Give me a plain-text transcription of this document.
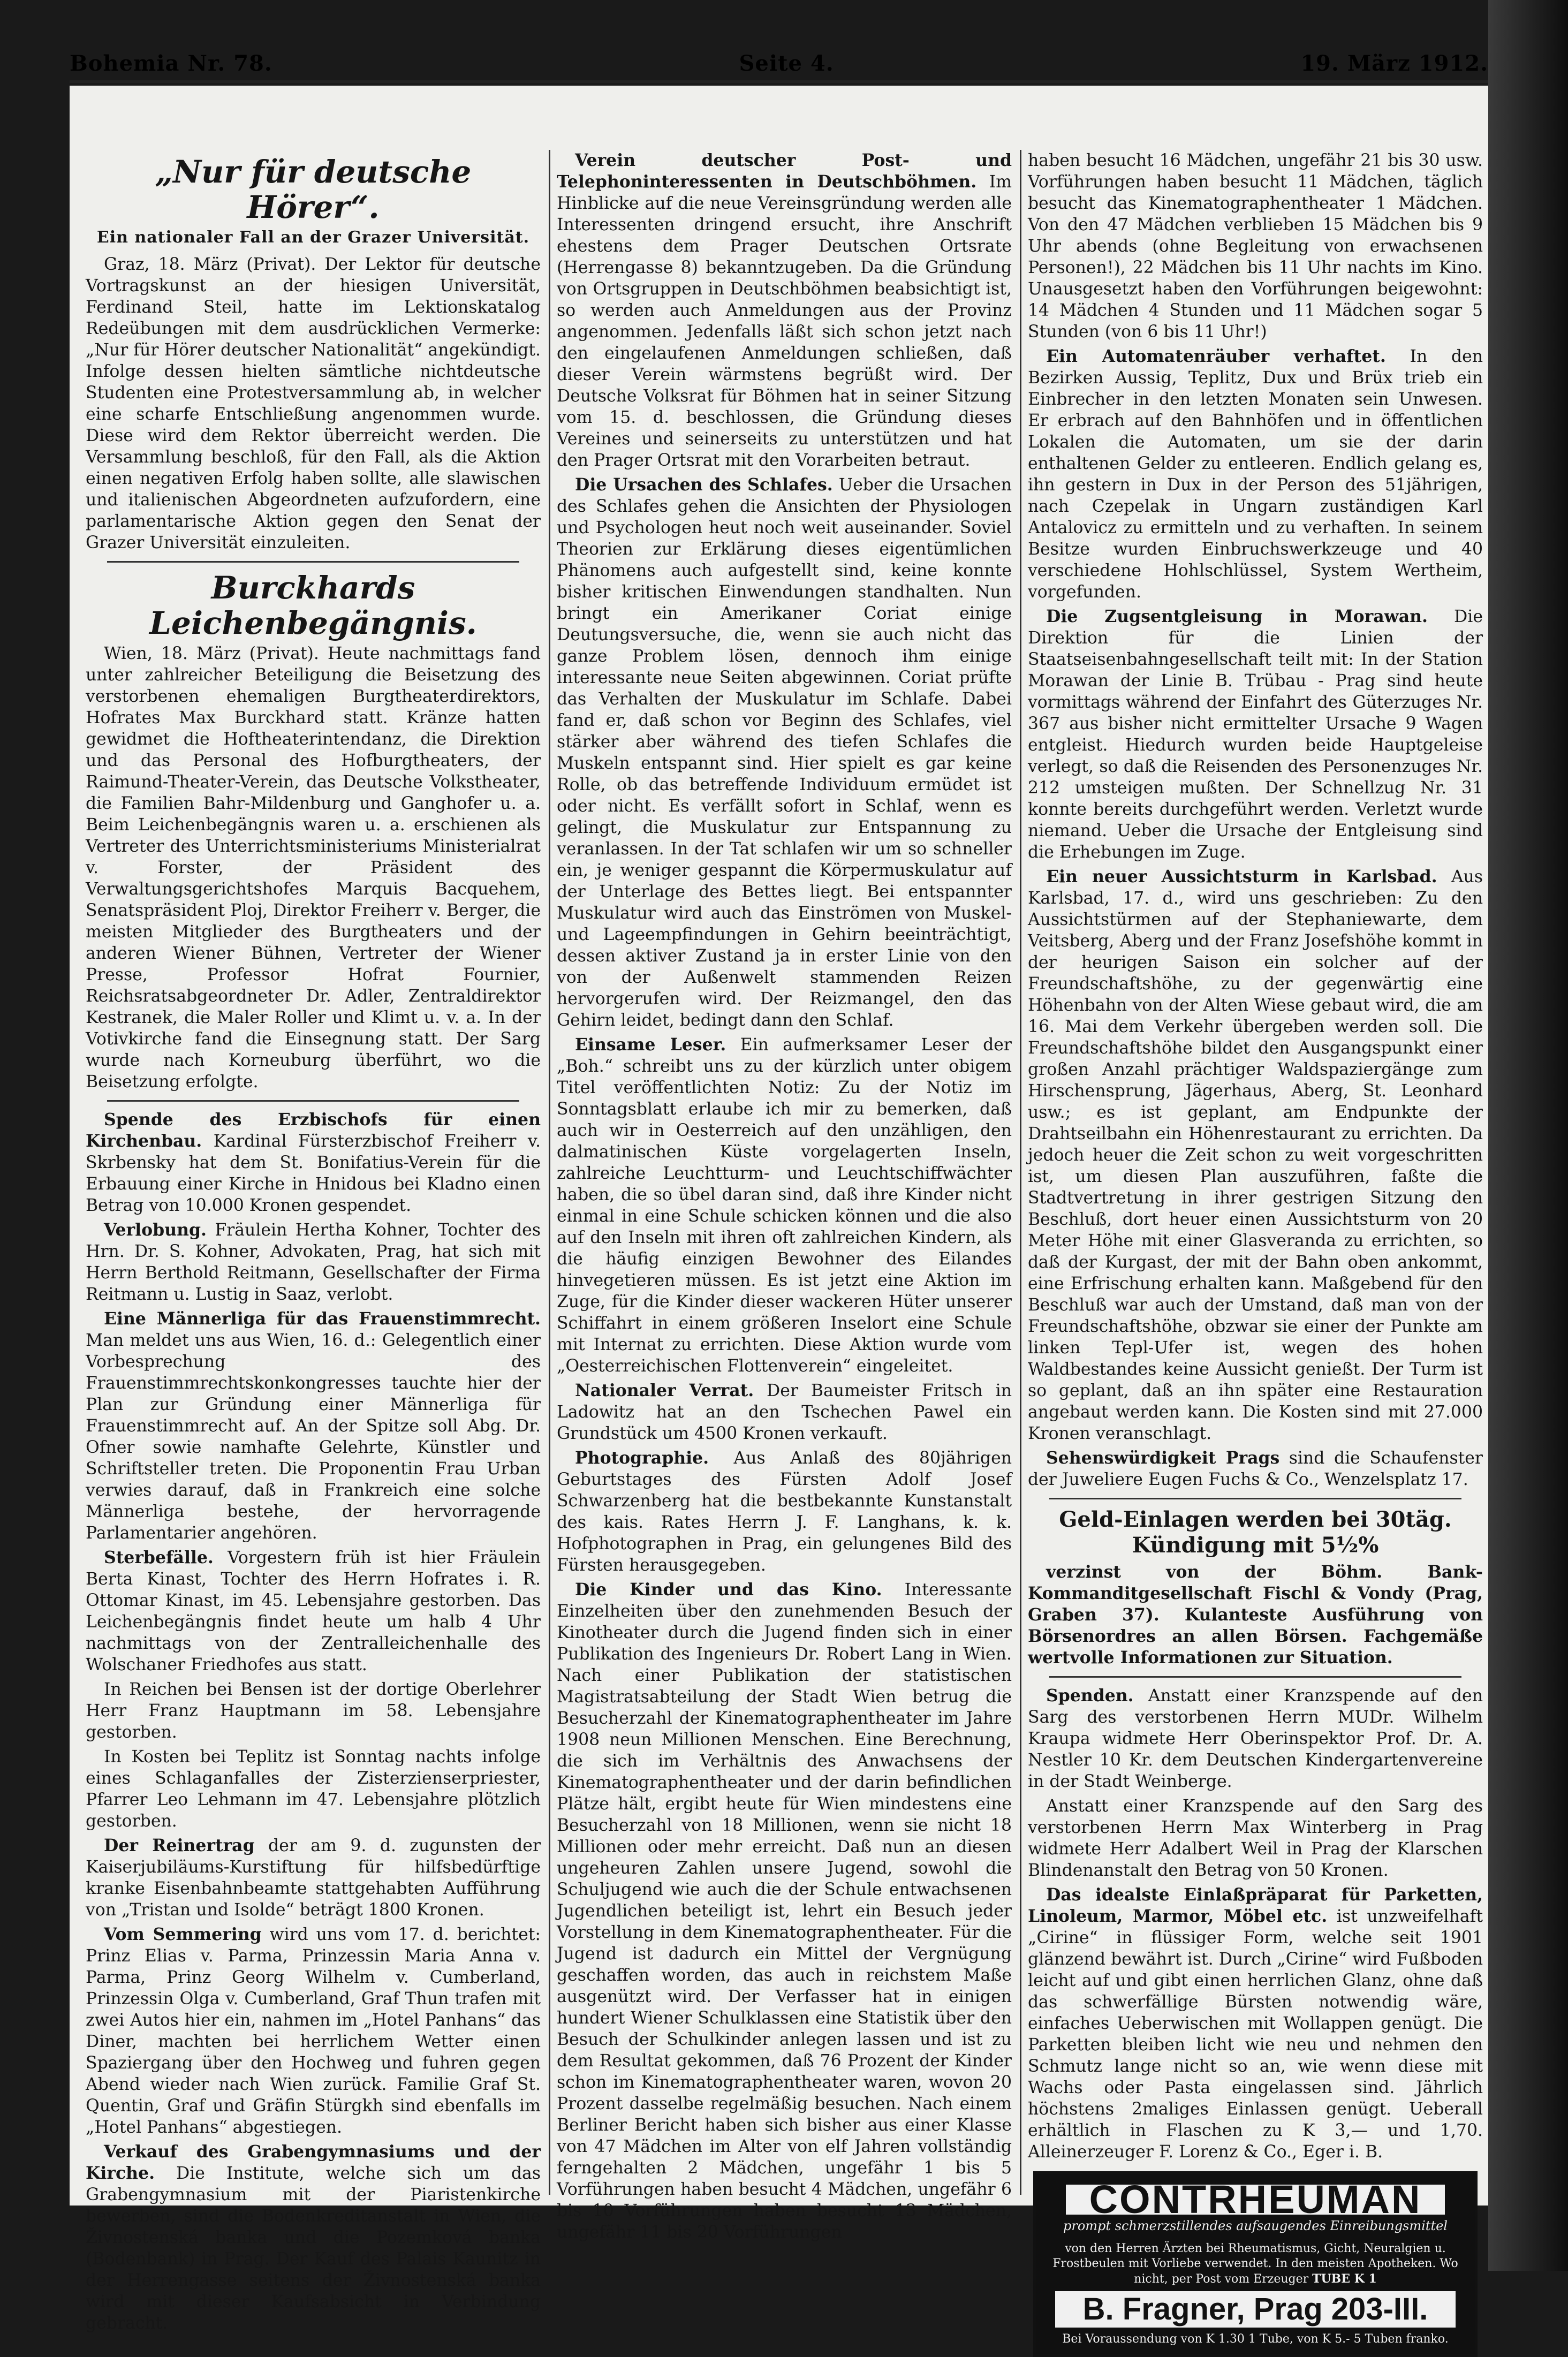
Bohemia Nr. 78.	Seite 4.	19. März 1912.
„Nur für deutsche Hörer“.
Ein nationaler Fall an der Grazer Universität.

Graz, 18. März (Privat). Der Lektor für deutsche Vortragskunst an der hiesigen Universität, Ferdinand Steil, hatte im Lektionskatalog Redeübungen mit dem ausdrücklichen Vermerke: „Nur für Hörer deutscher Nationalität“ angekündigt. Infolge dessen hielten sämtliche nichtdeutsche Studenten eine Protestversammlung ab, in welcher eine scharfe Entschließung angenommen wurde. Diese wird dem Rektor überreicht werden. Die Versammlung beschloß, für den Fall, als die Aktion einen negativen Erfolg haben sollte, alle slawischen und italienischen Abgeordneten aufzufordern, eine parlamentarische Aktion gegen den Senat der Grazer Universität einzuleiten.

Burckhards Leichenbegängnis.

Wien, 18. März (Privat). Heute nachmittags fand unter zahlreicher Beteiligung die Beisetzung des verstorbenen ehemaligen Burgtheaterdirektors, Hofrates Max Burckhard statt. Kränze hatten gewidmet die Hoftheaterintendanz, die Direktion und das Personal des Hofburgtheaters, der Raimund-Theater-Verein, das Deutsche Volkstheater, die Familien Bahr-Mildenburg und Ganghofer u. a. Beim Leichenbegängnis waren u. a. erschienen als Vertreter des Unterrichtsministeriums Ministerialrat v. Forster, der Präsident des Verwaltungsgerichtshofes Marquis Bacquehem, Senatspräsident Ploj, Direktor Freiherr v. Berger, die meisten Mitglieder des Burgtheaters und der anderen Wiener Bühnen, Vertreter der Wiener Presse, Professor Hofrat Fournier, Reichsratsabgeordneter Dr. Adler, Zentraldirektor Kestranek, die Maler Roller und Klimt u. v. a. In der Votivkirche fand die Einsegnung statt. Der Sarg wurde nach Korneuburg überführt, wo die Beisetzung erfolgte.

Spende des Erzbischofs für einen Kirchenbau. Kardinal Fürsterzbischof Freiherr v. Skrbensky hat dem St. Bonifatius-Verein für die Erbauung einer Kirche in Hnidous bei Kladno einen Betrag von 10.000 Kronen gespendet.

Verlobung. Fräulein Hertha Kohner, Tochter des Hrn. Dr. S. Kohner, Advokaten, Prag, hat sich mit Herrn Berthold Reitmann, Gesellschafter der Firma Reitmann u. Lustig in Saaz, verlobt.

Eine Männerliga für das Frauenstimmrecht. Man meldet uns aus Wien, 16. d.: Gelegentlich einer Vorbesprechung des Frauenstimmrechtskonkongresses tauchte hier der Plan zur Gründung einer Männerliga für Frauenstimmrecht auf. An der Spitze soll Abg. Dr. Ofner sowie namhafte Gelehrte, Künstler und Schriftsteller treten. Die Proponentin Frau Urban verwies darauf, daß in Frankreich eine solche Männerliga bestehe, der hervorragende Parlamentarier angehören.

Sterbefälle. Vorgestern früh ist hier Fräulein Berta Kinast, Tochter des Herrn Hofrates i. R. Ottomar Kinast, im 45. Lebensjahre gestorben. Das Leichenbegängnis findet heute um halb 4 Uhr nachmittags von der Zentralleichenhalle des Wolschaner Friedhofes aus statt.

In Reichen bei Bensen ist der dortige Oberlehrer Herr Franz Hauptmann im 58. Lebensjahre gestorben.

In Kosten bei Teplitz ist Sonntag nachts infolge eines Schlaganfalles der Zisterzienserpriester, Pfarrer Leo Lehmann im 47. Lebensjahre plötzlich gestorben.

Der Reinertrag der am 9. d. zugunsten der Kaiserjubiläums-Kurstiftung für hilfsbedürftige kranke Eisenbahnbeamte stattgehabten Aufführung von „Tristan und Isolde“ beträgt 1800 Kronen.

Vom Semmering wird uns vom 17. d. berichtet: Prinz Elias v. Parma, Prinzessin Maria Anna v. Parma, Prinz Georg Wilhelm v. Cumberland, Prinzessin Olga v. Cumberland, Graf Thun trafen mit zwei Autos hier ein, nahmen im „Hotel Panhans“ das Diner, machten bei herrlichem Wetter einen Spaziergang über den Hochweg und fuhren gegen Abend wieder nach Wien zurück. Familie Graf St. Quentin, Graf und Gräfin Stürgkh sind ebenfalls im „Hotel Panhans“ abgestiegen.

Verkauf des Grabengymnasiums und der Kirche. Die Institute, welche sich um das Grabengymnasium mit der Piaristenkirche bewerben, sind die Bodenkreditanstalt in Wien, die Živnostenská banka und die Pozemková banka (Bodenbank) in Prag. Der Kauf des Palais Kaunitz in der Herrengasse seitens der Živnostenská banka wird mit dieser Kaufsabsicht in Verbindung gebracht.

Verein deutscher Post- und Telephoninteressenten in Deutschböhmen. Im Hinblicke auf die neue Vereinsgründung werden alle Interessenten dringend ersucht, ihre Anschrift ehestens dem Prager Deutschen Ortsrate (Herrengasse 8) bekanntzugeben. Da die Gründung von Ortsgruppen in Deutschböhmen beabsichtigt ist, so werden auch Anmeldungen aus der Provinz angenommen. Jedenfalls läßt sich schon jetzt nach den eingelaufenen Anmeldungen schließen, daß dieser Verein wärmstens begrüßt wird. Der Deutsche Volksrat für Böhmen hat in seiner Sitzung vom 15. d. beschlossen, die Gründung dieses Vereines und seinerseits zu unterstützen und hat den Prager Ortsrat mit den Vorarbeiten betraut.

Die Ursachen des Schlafes. Ueber die Ursachen des Schlafes gehen die Ansichten der Physiologen und Psychologen heut noch weit auseinander. Soviel Theorien zur Erklärung dieses eigentümlichen Phänomens auch aufgestellt sind, keine konnte bisher kritischen Einwendungen standhalten. Nun bringt ein Amerikaner Coriat einige Deutungsversuche, die, wenn sie auch nicht das ganze Problem lösen, dennoch ihm einige interessante neue Seiten abgewinnen. Coriat prüfte das Verhalten der Muskulatur im Schlafe. Dabei fand er, daß schon vor Beginn des Schlafes, viel stärker aber während des tiefen Schlafes die Muskeln entspannt sind. Hier spielt es gar keine Rolle, ob das betreffende Individuum ermüdet ist oder nicht. Es verfällt sofort in Schlaf, wenn es gelingt, die Muskulatur zur Entspannung zu veranlassen. In der Tat schlafen wir um so schneller ein, je weniger gespannt die Körpermuskulatur auf der Unterlage des Bettes liegt. Bei entspannter Muskulatur wird auch das Einströmen von Muskel- und Lageempfindungen in Gehirn beeinträchtigt, dessen aktiver Zustand ja in erster Linie von den von der Außenwelt stammenden Reizen hervorgerufen wird. Der Reizmangel, den das Gehirn leidet, bedingt dann den Schlaf.

Einsame Leser. Ein aufmerksamer Leser der „Boh.“ schreibt uns zu der kürzlich unter obigem Titel veröffentlichten Notiz: Zu der Notiz im Sonntagsblatt erlaube ich mir zu bemerken, daß auch wir in Oesterreich auf den unzähligen, den dalmatinischen Küste vorgelagerten Inseln, zahlreiche Leuchtturm- und Leuchtschiffwächter haben, die so übel daran sind, daß ihre Kinder nicht einmal in eine Schule schicken können und die also auf den Inseln mit ihren oft zahlreichen Kindern, als die häufig einzigen Bewohner des Eilandes hinvegetieren müssen. Es ist jetzt eine Aktion im Zuge, für die Kinder dieser wackeren Hüter unserer Schiffahrt in einem größeren Inselort eine Schule mit Internat zu errichten. Diese Aktion wurde vom „Oesterreichischen Flottenverein“ eingeleitet.

Nationaler Verrat. Der Baumeister Fritsch in Ladowitz hat an den Tschechen Pawel ein Grundstück um 4500 Kronen verkauft.

Photographie. Aus Anlaß des 80jährigen Geburtstages des Fürsten Adolf Josef Schwarzenberg hat die bestbekannte Kunstanstalt des kais. Rates Herrn J. F. Langhans, k. k. Hofphotographen in Prag, ein gelungenes Bild des Fürsten herausgegeben.

Die Kinder und das Kino. Interessante Einzelheiten über den zunehmenden Besuch der Kinotheater durch die Jugend finden sich in einer Publikation des Ingenieurs Dr. Robert Lang in Wien. Nach einer Publikation der statistischen Magistratsabteilung der Stadt Wien betrug die Besucherzahl der Kinematographentheater im Jahre 1908 neun Millionen Menschen. Eine Berechnung, die sich im Verhältnis des Anwachsens der Kinematographentheater und der darin befindlichen Plätze hält, ergibt heute für Wien mindestens eine Besucherzahl von 18 Millionen, wenn sie nicht 18 Millionen oder mehr erreicht. Daß nun an diesen ungeheuren Zahlen unsere Jugend, sowohl die Schuljugend wie auch die der Schule entwachsenen Jugendlichen beteiligt ist, lehrt ein Besuch jeder Vorstellung in dem Kinematographentheater. Für die Jugend ist dadurch ein Mittel der Vergnügung geschaffen worden, das auch in reichstem Maße ausgenützt wird. Der Verfasser hat in einigen hundert Wiener Schulklassen eine Statistik über den Besuch der Schulkinder anlegen lassen und ist zu dem Resultat gekommen, daß 76 Prozent der Kinder schon im Kinematographentheater waren, wovon 20 Prozent dasselbe regelmäßig besuchen. Nach einem Berliner Bericht haben sich bisher aus einer Klasse von 47 Mädchen im Alter von elf Jahren vollständig ferngehalten 2 Mädchen, ungefähr 1 bis 5 Vorführungen haben besucht 4 Mädchen, ungefähr 6 bis 10 Vorführungen haben besucht 13 Mädchen, ungefähr 11 bis 20 Vorführungen

haben besucht 16 Mädchen, ungefähr 21 bis 30 usw. Vorführungen haben besucht 11 Mädchen, täglich besucht das Kinematographentheater 1 Mädchen. Von den 47 Mädchen verblieben 15 Mädchen bis 9 Uhr abends (ohne Begleitung von erwachsenen Personen!), 22 Mädchen bis 11 Uhr nachts im Kino. Unausgesetzt haben den Vorführungen beigewohnt: 14 Mädchen 4 Stunden und 11 Mädchen sogar 5 Stunden (von 6 bis 11 Uhr!)

Ein Automatenräuber verhaftet. In den Bezirken Aussig, Teplitz, Dux und Brüx trieb ein Einbrecher in den letzten Monaten sein Unwesen. Er erbrach auf den Bahnhöfen und in öffentlichen Lokalen die Automaten, um sie der darin enthaltenen Gelder zu entleeren. Endlich gelang es, ihn gestern in Dux in der Person des 51jährigen, nach Czepelak in Ungarn zuständigen Karl Antalovicz zu ermitteln und zu verhaften. In seinem Besitze wurden Einbruchswerkzeuge und 40 verschiedene Hohlschlüssel, System Wertheim, vorgefunden.

Die Zugsentgleisung in Morawan. Die Direktion für die Linien der Staatseisenbahngesellschaft teilt mit: In der Station Morawan der Linie B. Trübau - Prag sind heute vormittags während der Einfahrt des Güterzuges Nr. 367 aus bisher nicht ermittelter Ursache 9 Wagen entgleist. Hiedurch wurden beide Hauptgeleise verlegt, so daß die Reisenden des Personenzuges Nr. 212 umsteigen mußten. Der Schnellzug Nr. 31 konnte bereits durchgeführt werden. Verletzt wurde niemand. Ueber die Ursache der Entgleisung sind die Erhebungen im Zuge.

Ein neuer Aussichtsturm in Karlsbad. Aus Karlsbad, 17. d., wird uns geschrieben: Zu den Aussichtstürmen auf der Stephaniewarte, dem Veitsberg, Aberg und der Franz Josefshöhe kommt in der heurigen Saison ein solcher auf der Freundschaftshöhe, zu der gegenwärtig eine Höhenbahn von der Alten Wiese gebaut wird, die am 16. Mai dem Verkehr übergeben werden soll. Die Freundschaftshöhe bildet den Ausgangspunkt einer großen Anzahl prächtiger Waldspaziergänge zum Hirschensprung, Jägerhaus, Aberg, St. Leonhard usw.; es ist geplant, am Endpunkte der Drahtseilbahn ein Höhenrestaurant zu errichten. Da jedoch heuer die Zeit schon zu weit vorgeschritten ist, um diesen Plan auszuführen, faßte die Stadtvertretung in ihrer gestrigen Sitzung den Beschluß, dort heuer einen Aussichtsturm von 20 Meter Höhe mit einer Glasveranda zu errichten, so daß der Kurgast, der mit der Bahn oben ankommt, eine Erfrischung erhalten kann. Maßgebend für den Beschluß war auch der Umstand, daß man von der Freundschaftshöhe, obzwar sie einer der Punkte am linken Tepl-Ufer ist, wegen des hohen Waldbestandes keine Aussicht genießt. Der Turm ist so geplant, daß an ihn später eine Restauration angebaut werden kann. Die Kosten sind mit 27.000 Kronen veranschlagt.

Sehenswürdigkeit Prags sind die Schaufenster der Juweliere Eugen Fuchs & Co., Wenzelsplatz 17.

Geld-Einlagen werden bei 30täg. Kündigung mit 5½%

verzinst von der Böhm. Bank-Kommanditgesellschaft Fischl & Vondy (Prag, Graben 37). Kulanteste Ausführung von Börsenordres an allen Börsen. Fachgemäße wertvolle Informationen zur Situation.

Spenden. Anstatt einer Kranzspende auf den Sarg des verstorbenen Herrn MUDr. Wilhelm Kraupa widmete Herr Oberinspektor Prof. Dr. A. Nestler 10 Kr. dem Deutschen Kindergartenvereine in der Stadt Weinberge.

Anstatt einer Kranzspende auf den Sarg des verstorbenen Herrn Max Winterberg in Prag widmete Herr Adalbert Weil in Prag der Klarschen Blindenanstalt den Betrag von 50 Kronen.

Das idealste Einlaßpräparat für Parketten, Linoleum, Marmor, Möbel etc. ist unzweifelhaft „Cirine“ in flüssiger Form, welche seit 1901 glänzend bewährt ist. Durch „Cirine“ wird Fußboden leicht auf und gibt einen herrlichen Glanz, ohne daß das schwerfällige Bürsten notwendig wäre, einfaches Ueberwischen mit Wollappen genügt. Die Parketten bleiben licht wie neu und nehmen den Schmutz lange nicht so an, wie wenn diese mit Wachs oder Pasta eingelassen sind. Jährlich höchstens 2maliges Einlassen genügt. Ueberall erhältlich in Flaschen zu K 3,— und 1,70. Alleinerzeuger F. Lorenz & Co., Eger i. B.

CONTRHEUMAN
prompt schmerzstillendes aufsaugendes Einreibungsmittel
von den Herren Ärzten bei Rheumatismus, Gicht, Neuralgien u. Frostbeulen mit Vorliebe verwendet. In den meisten Apotheken. Wo nicht, per Post vom Erzeuger TUBE K 1
B. Fragner, Prag 203-III.
Bei Voraussendung von K 1.30 1 Tube, von K 5.- 5 Tuben franko.
